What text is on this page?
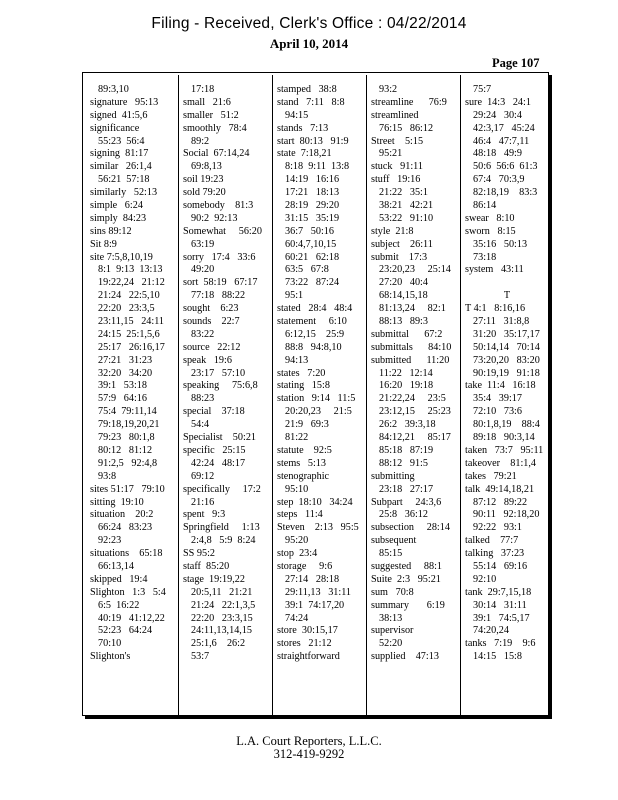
Filing - Received, Clerk's Office : 04/22/2014
April 10, 2014
Page 107
89:3,10
signature   95:13
signed  41:5,6
significance
55:23  56:4
signing  81:17
similar   26:1,4
56:21  57:18
similarly   52:13
simple   6:24
simply  84:23
sins 89:12
Sit 8:9
site 7:5,8,10,19
8:1  9:13  13:13
19:22,24   21:12
21:24   22:5,10
22:20   23:3,5
23:11,15   24:11
24:15  25:1,5,6
25:17   26:16,17
27:21   31:23
32:20   34:20
39:1   53:18
57:9   64:16
75:4  79:11,14
79:18,19,20,21
79:23   80:1,8
80:12   81:12
91:2,5   92:4,8
93:8
sites 51:17   79:10
sitting  19:10
situation    20:2
66:24   83:23
92:23
situations    65:18
66:13,14
skipped   19:4
Slighton   1:3   5:4
6:5  16:22
40:19   41:12,22
52:23   64:24
70:10
Slighton's
17:18
small   21:6
smaller   51:2
smoothly   78:4
89:2
Social  67:14,24
69:8,13
soil 19:23
sold 79:20
somebody    81:3
90:2  92:13
Somewhat     56:20
63:19
sorry   17:4   33:6
49:20
sort  58:19   67:17
77:18   88:22
sought    6:23
sounds    22:7
83:22
source   22:12
speak   19:6
23:17   57:10
speaking     75:6,8
88:23
special    37:18
54:4
Specialist    50:21
specific   25:15
42:24   48:17
69:12
specifically     17:2
21:16
spent   9:3
Springfield     1:13
2:4,8   5:9  8:24
SS 95:2
staff  85:20
stage  19:19,22
20:5,11   21:21
21:24   22:1,3,5
22:20   23:3,15
24:11,13,14,15
25:1,6    26:2
53:7
stamped   38:8
stand   7:11   8:8
94:15
stands   7:13
start  80:13   91:9
state  7:18,21
8:18  9:11  13:8
14:19   16:16
17:21   18:13
28:19   29:20
31:15   35:19
36:7   50:16
60:4,7,10,15
60:21   62:18
63:5   67:8
73:22   87:24
95:1
stated   28:4   48:4
statement     6:10
6:12,15    25:9
88:8   94:8,10
94:13
states   7:20
stating   15:8
station   9:14   11:5
20:20,23     21:5
21:9   69:3
81:22
statute    92:5
stems   5:13
stenographic
95:10
step  18:10   34:24
steps   11:4
Steven    2:13   95:5
95:20
stop  23:4
storage     9:6
27:14   28:18
29:11,13   31:11
39:1  74:17,20
74:24
store  30:15,17
stores   21:12
straightforward
93:2
streamline      76:9
streamlined
76:15   86:12
Street    5:15
95:21
stuck   91:11
stuff   19:16
21:22   35:1
38:21   42:21
53:22   91:10
style  21:8
subject    26:11
submit    17:3
23:20,23     25:14
27:20   40:4
68:14,15,18
81:13,24     82:1
88:13   89:3
submittal      67:2
submittals      84:10
submitted      11:20
11:22   12:14
16:20   19:18
21:22,24     23:5
23:12,15     25:23
26:2   39:3,18
84:12,21     85:17
85:18   87:19
88:12   91:5
submitting
23:18   27:17
Subpart     24:3,6
25:8   36:12
subsection     28:14
subsequent
85:15
suggested     88:1
Suite  2:3   95:21
sum   70:8
summary       6:19
38:13
supervisor
52:20
supplied    47:13
75:7
sure  14:3   24:1
29:24   30:4
42:3,17   45:24
46:4   47:7,11
48:18   49:9
50:6  56:6  61:3
67:4   70:3,9
82:18,19    83:3
86:14
swear   8:10
sworn   8:15
35:16   50:13
73:18
system   43:11
T
T 4:1   8:16,16
27:11   31:8,8
31:20   35:17,17
50:14,14   70:14
73:20,20   83:20
90:19,19   91:18
take  11:4   16:18
35:4   39:17
72:10   73:6
80:1,8,19    88:4
89:18   90:3,14
taken   73:7   95:11
takeover    81:1,4
takes   79:21
talk  49:14,18,21
87:12   89:22
90:11   92:18,20
92:22   93:1
talked    77:7
talking   37:23
55:14   69:16
92:10
tank  29:7,15,18
30:14   31:11
39:1   74:5,17
74:20,24
tanks   7:19    9:6
14:15   15:8
L.A. Court Reporters, L.L.C.
312-419-9292
